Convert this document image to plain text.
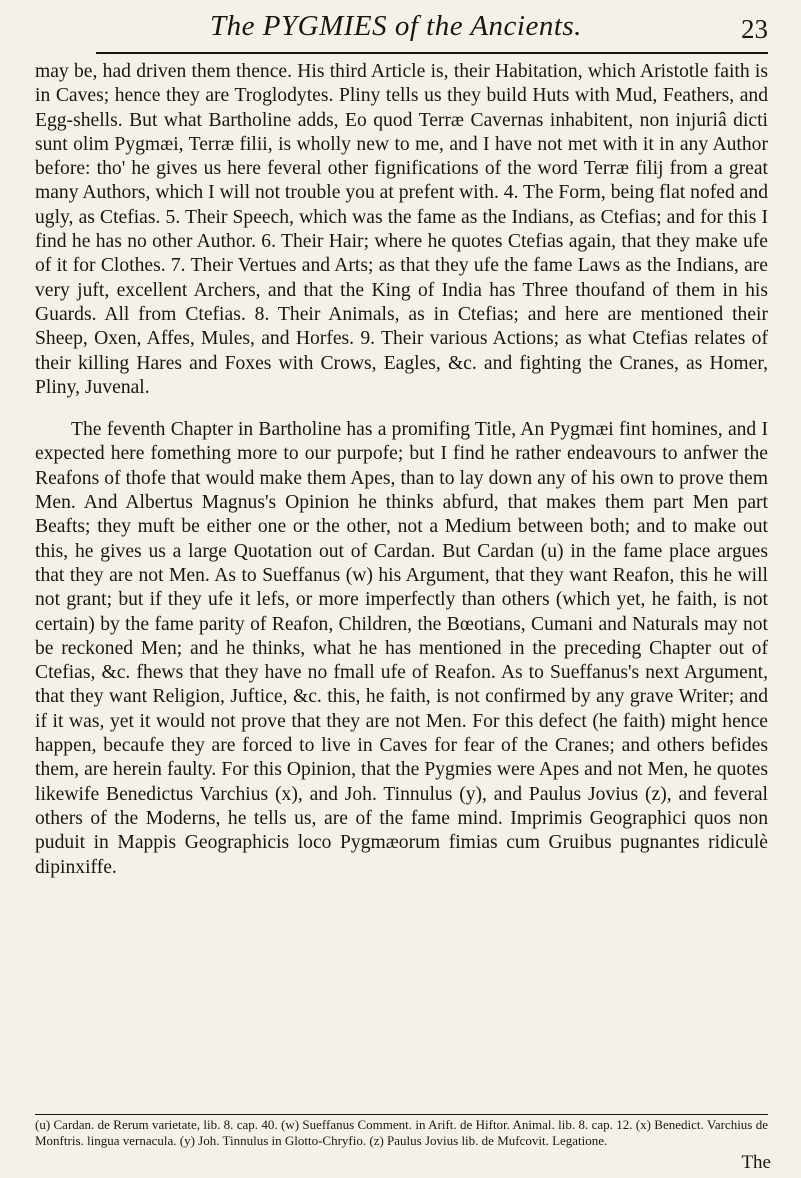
The PYGMIES of the Ancients.	23

may be, had driven them thence. His third Article is, their Habitation, which Aristotle faith is in Caves; hence they are Troglodytes. Pliny tells us they build Huts with Mud, Feathers, and Egg-shells. But what Bartholine adds, Eo quod Terræ Cavernas inhabitent, non injuriâ dicti sunt olim Pygmæi, Terræ filii, is wholly new to me, and I have not met with it in any Author before: tho' he gives us here feveral other fignifications of the word Terræ filij from a great many Authors, which I will not trouble you at prefent with. 4. The Form, being flat nofed and ugly, as Ctefias. 5. Their Speech, which was the fame as the Indians, as Ctefias; and for this I find he has no other Author. 6. Their Hair; where he quotes Ctefias again, that they make ufe of it for Clothes. 7. Their Vertues and Arts; as that they ufe the fame Laws as the Indians, are very juft, excellent Archers, and that the King of India has Three thoufand of them in his Guards. All from Ctefias. 8. Their Animals, as in Ctefias; and here are mentioned their Sheep, Oxen, Affes, Mules, and Horfes. 9. Their various Actions; as what Ctefias relates of their killing Hares and Foxes with Crows, Eagles, &c. and fighting the Cranes, as Homer, Pliny, Juvenal.

The feventh Chapter in Bartholine has a promifing Title, An Pygmæi fint homines, and I expected here fomething more to our purpofe; but I find he rather endeavours to anfwer the Reafons of thofe that would make them Apes, than to lay down any of his own to prove them Men. And Albertus Magnus's Opinion he thinks abfurd, that makes them part Men part Beafts; they muft be either one or the other, not a Medium between both; and to make out this, he gives us a large Quotation out of Cardan. But Cardan (u) in the fame place argues that they are not Men. As to Sueffanus (w) his Argument, that they want Reafon, this he will not grant; but if they ufe it lefs, or more imperfectly than others (which yet, he faith, is not certain) by the fame parity of Reafon, Children, the Bœotians, Cumani and Naturals may not be reckoned Men; and he thinks, what he has mentioned in the preceding Chapter out of Ctefias, &c. fhews that they have no fmall ufe of Reafon. As to Sueffanus's next Argument, that they want Religion, Juftice, &c. this, he faith, is not confirmed by any grave Writer; and if it was, yet it would not prove that they are not Men. For this defect (he faith) might hence happen, becaufe they are forced to live in Caves for fear of the Cranes; and others befides them, are herein faulty. For this Opinion, that the Pygmies were Apes and not Men, he quotes likewife Benedictus Varchius (x), and Joh. Tinnulus (y), and Paulus Jovius (z), and feveral others of the Moderns, he tells us, are of the fame mind. Imprimis Geographici quos non puduit in Mappis Geographicis loco Pygmæorum fimias cum Gruibus pugnantes ridiculè dipinxiffe.

(u) Cardan. de Rerum varietate, lib. 8. cap. 40. (w) Sueffanus Comment. in Arift. de Hiftor. Animal. lib. 8. cap. 12. (x) Benedict. Varchius de Monftris. lingua vernacula. (y) Joh. Tinnulus in Glotto-Chryfio. (z) Paulus Jovius lib. de Mufcovit. Legatione.
The
